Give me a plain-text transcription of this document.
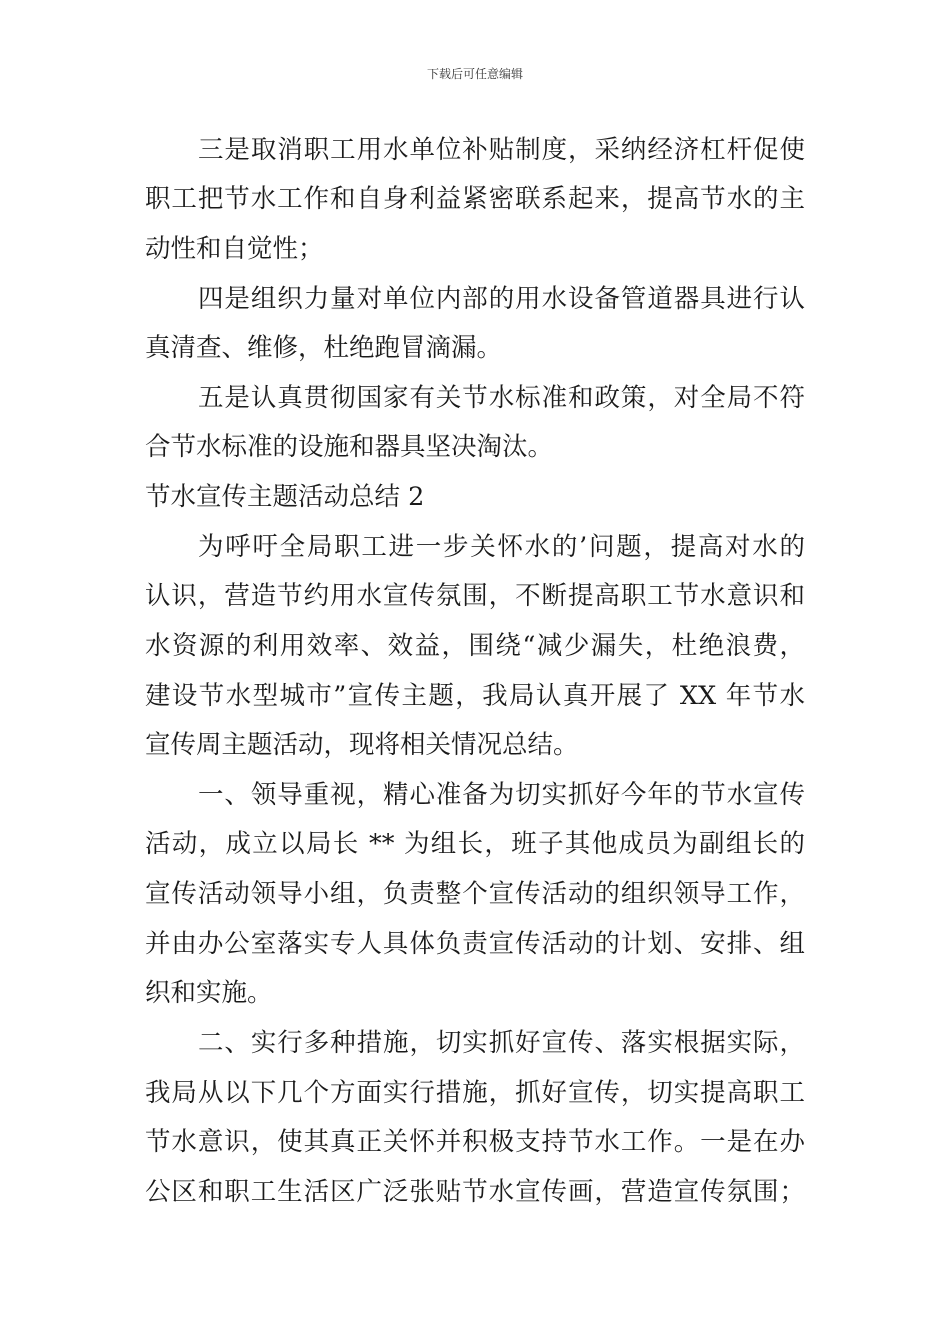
下载后可任意编辑
三是取消职工用水单位补贴制度，采纳经济杠杆促使
职工把节水工作和自身利益紧密联系起来，提高节水的主
动性和自觉性；
四是组织力量对单位内部的用水设备管道器具进行认
真清查、维修，杜绝跑冒滴漏。
五是认真贯彻国家有关节水标准和政策，对全局不符
合节水标准的设施和器具坚决淘汰。
节水宣传主题活动总结 2
为呼吁全局职工进一步关怀水的’问题，提高对水的
认识，营造节约用水宣传氛围，不断提高职工节水意识和
水资源的利用效率、效益，围绕“减少漏失，杜绝浪费，
建设节水型城市”宣传主题，我局认真开展了 XX 年节水
宣传周主题活动，现将相关情况总结。
一、领导重视，精心准备为切实抓好今年的节水宣传
活动，成立以局长 ** 为组长，班子其他成员为副组长的
宣传活动领导小组，负责整个宣传活动的组织领导工作，
并由办公室落实专人具体负责宣传活动的计划、安排、组
织和实施。
二、实行多种措施，切实抓好宣传、落实根据实际，
我局从以下几个方面实行措施，抓好宣传，切实提高职工
节水意识，使其真正关怀并积极支持节水工作。一是在办
公区和职工生活区广泛张贴节水宣传画，营造宣传氛围；
